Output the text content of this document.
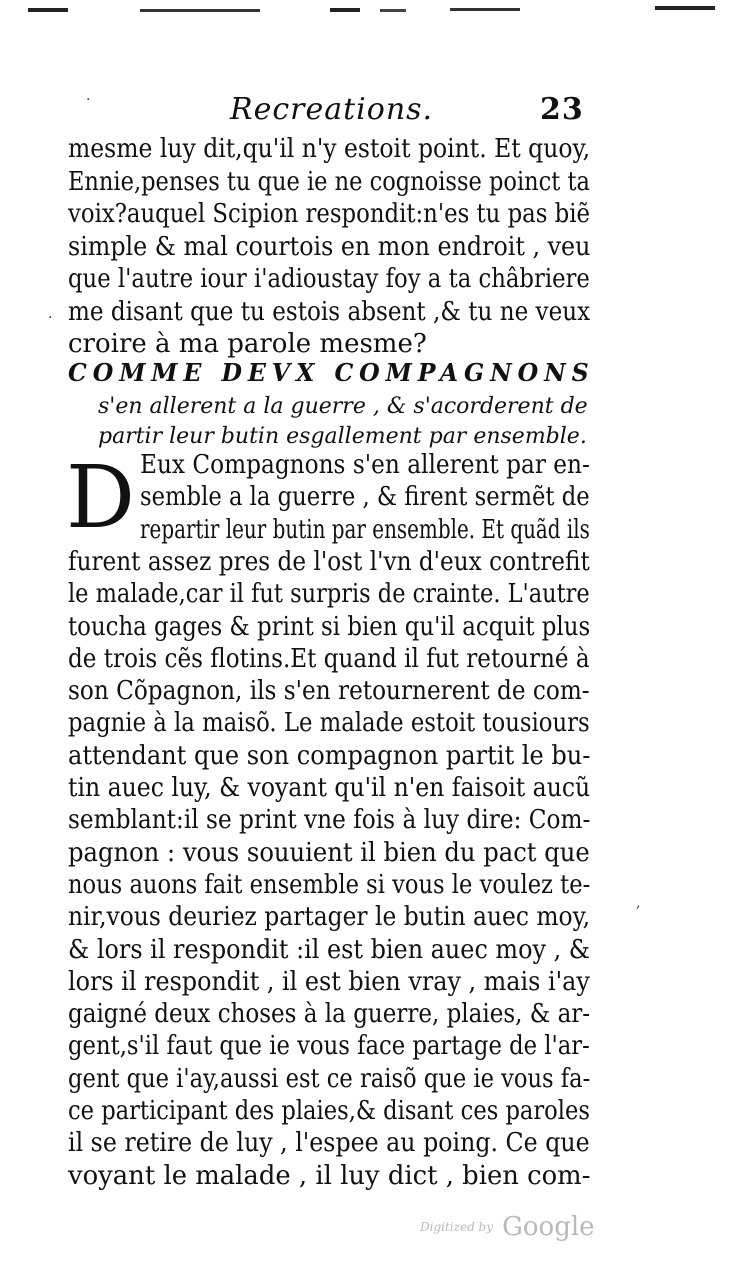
Recreations.	23
mesme luy dit,qu'il n'y estoit point. Et quoy,
Ennie,penses tu que ie ne cognoisse poinct ta
voix?auquel Scipion respondit:n'es tu pas biẽ
simple & mal courtois en mon endroit , veu
que l'autre iour i'adioustay foy a ta châbriere
me disant que tu estois absent ,& tu ne veux
croire à ma parole mesme?
COMME DEVX COMPAGNONS
s'en allerent a la guerre , & s'acorderent de
partir leur butin esgallement par ensemble.
D Eux Compagnons s'en allerent par en-
semble a la guerre , & firent sermẽt de
repartir leur butin par ensemble. Et quãd ils
furent assez pres de l'ost l'vn d'eux contrefit
le malade,car il fut surpris de crainte. L'autre
toucha gages & print si bien qu'il acquit plus
de trois cẽs flotins.Et quand il fut retourné à
son Cõpagnon, ils s'en retournerent de com-
pagnie à la maisõ. Le malade estoit tousiours
attendant que son compagnon partit le bu-
tin auec luy, & voyant qu'il n'en faisoit aucũ
semblant:il se print vne fois à luy dire: Com-
pagnon : vous souuient il bien du pact que
nous auons fait ensemble si vous le voulez te-
nir,vous deuriez partager le butin auec moy,
& lors il respondit :il est bien auec moy , &
lors il respondit , il est bien vray , mais i'ay
gaigné deux choses à la guerre, plaies, & ar-
gent,s'il faut que ie vous face partage de l'ar-
gent que i'ay,aussi est ce raisõ que ie vous fa-
ce participant des plaies,& disant ces paroles
il se retire de luy , l'espee au poing. Ce que
voyant le malade , il luy dict , bien com-
·
·
,
Digitized by Google
